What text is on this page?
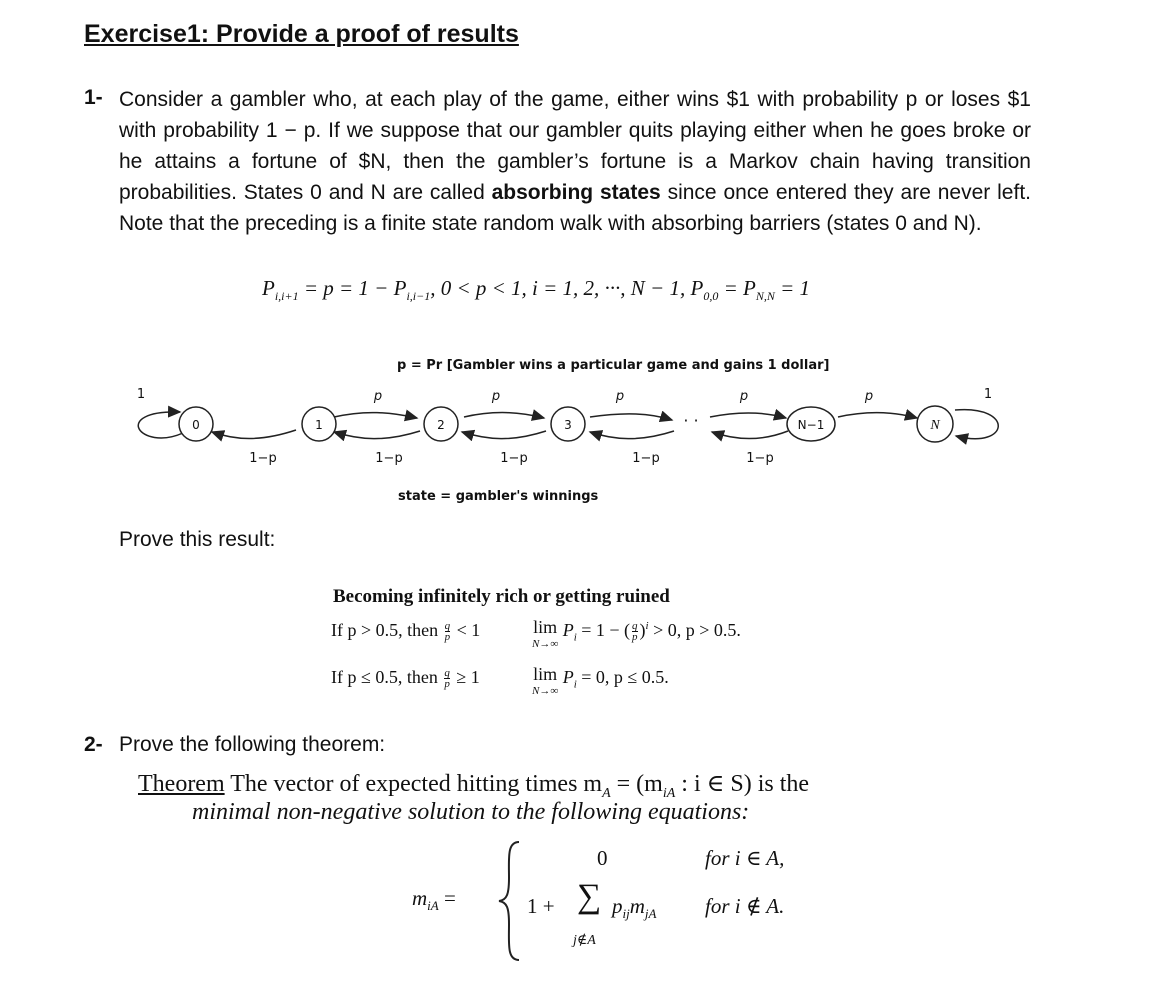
Exercise1: Provide a proof of results
1- Consider a gambler who, at each play of the game, either wins $1 with probability p or loses $1 with probability 1 − p. If we suppose that our gambler quits playing either when he goes broke or he attains a fortune of $N, then the gambler’s fortune is a Markov chain having transition probabilities. States 0 and N are called absorbing states since once entered they are never left. Note that the preceding is a finite state random walk with absorbing barriers (states 0 and N).
$P_{i,i+1} = p = 1 - P_{i,i-1}$, 0 < p < 1, i = 1, 2, ···, N − 1, $P_{0,0} = P_{N,N} = 1$
p = Pr [Gambler wins a particular game and gains 1 dollar]
state = gambler's winnings
0	1	2	3	N−1	N
· ·
1	1
p	p	p	p	p
1−p	1−p	1−p	1−p	1−p
Prove this result:
Becoming infinitely rich or getting ruined
If p > 0.5, then $\frac{q}{p} < 1$	lim
N→∞ $P_i = 1$ − ( $\frac{q}{p} )^i > 0$, p > 0.5.
If p ≤ 0.5, then $\frac{q}{p} \ge 1$	lim
N→∞ $P_i = 0$, p ≤ 0.5.
2- Prove the following theorem:
Theorem The vector of expected hitting times $m_A = (m_{iA}$ : i ∈ S) is the
minimal non-negative solution to the following equations:
$m_{iA}$ =
0	for i ∈ A,
1 + ∑
j∉A
$p_{ij}m_{jA}$ for i ∉ A.
